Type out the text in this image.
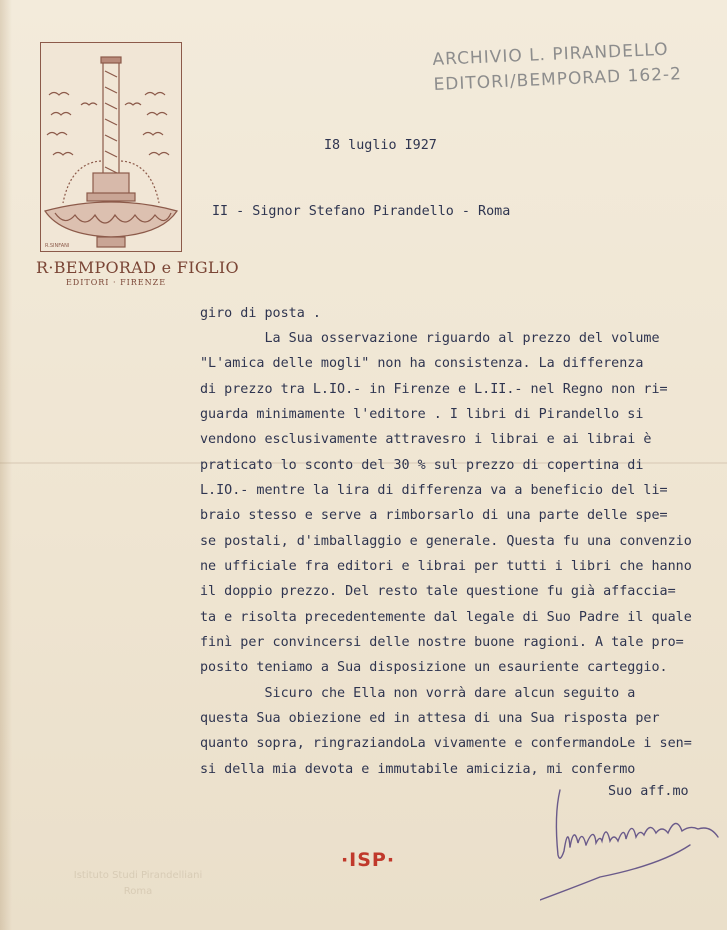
R.SINFANI
R·BEMPORAD e FIGLIO
EDITORI · FIRENZE
ARCHIVIO L. PIRANDELLO
EDITORI/BEMPORAD 162-2
I8 luglio I927
II - Signor Stefano Pirandello - Roma

giro di posta .

La Sua osservazione riguardo al prezzo del volume

"L'amica delle mogli" non ha consistenza. La differenza

di prezzo tra L.IO.- in Firenze e L.II.- nel Regno non ri=

guarda minimamente l'editore . I libri di Pirandello si

vendono esclusivamente attravesro i librai e ai librai è

praticato lo sconto del 30 % sul prezzo di copertina di

L.IO.- mentre la lira di differenza va a beneficio del li=

braio stesso e serve a rimborsarlo di una parte delle spe=

se postali, d'imballaggio e generale. Questa fu una convenzio

ne ufficiale fra editori e librai per tutti i libri che hanno

il doppio prezzo. Del resto tale questione fu già affaccia=

ta e risolta precedentemente dal legale di Suo Padre il quale

finì per convincersi delle nostre buone ragioni. A tale pro=

posito teniamo a Sua disposizione un esauriente carteggio.

Sicuro che Ella non vorrà dare alcun seguito a

questa Sua obiezione ed in attesa di una Sua risposta per

quanto sopra, ringraziandoLa vivamente e confermandoLe i sen=

si della mia devota e immutabile amicizia, mi confermo

Suo aff.mo
·ISP·
Istituto Studi Pirandelliani
Roma
